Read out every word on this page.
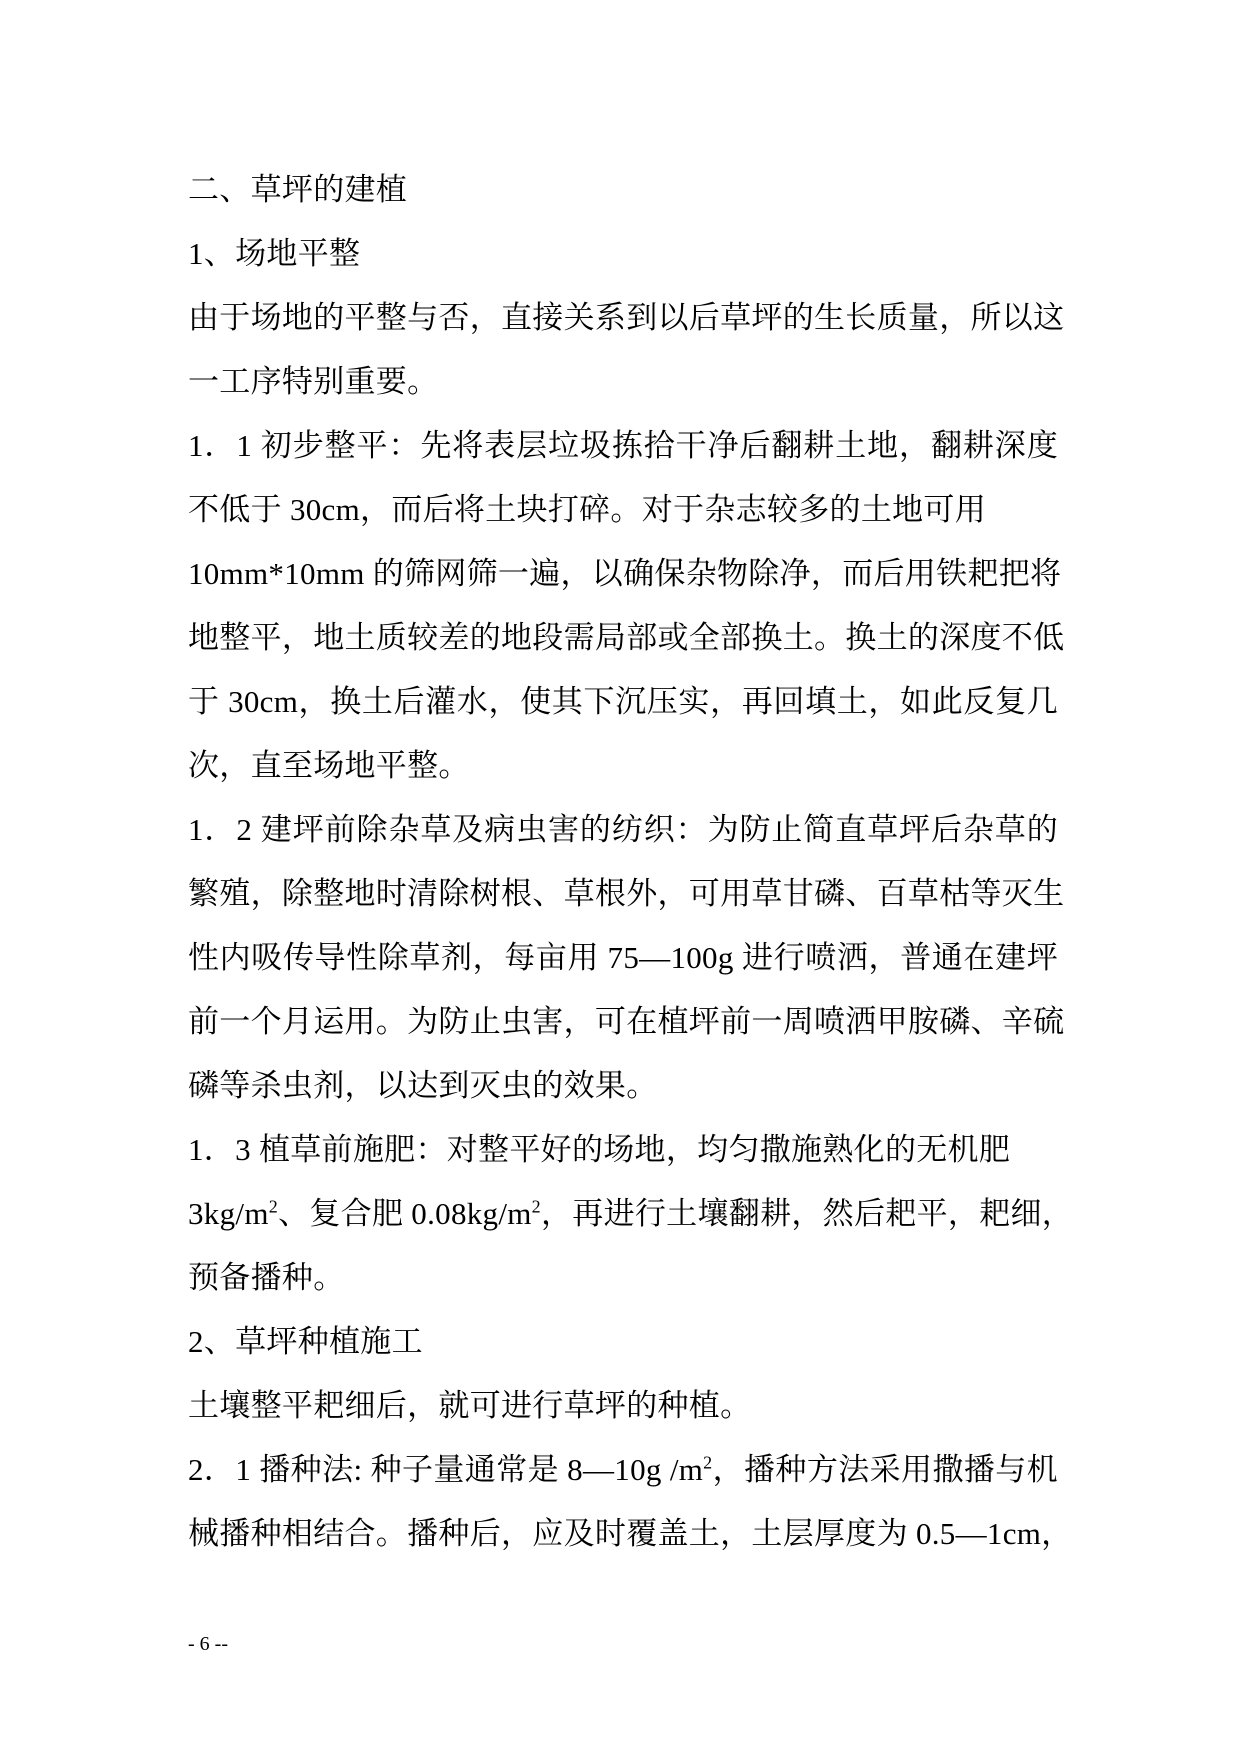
二、草坪的建植
1、场地平整
由于场地的平整与否，直接关系到以后草坪的生长质量，所以这
一工序特别重要。
1．1 初步整平：先将表层垃圾拣拾干净后翻耕土地，翻耕深度
不低于 30cm，而后将土块打碎。对于杂志较多的土地可用
10mm*10mm 的筛网筛一遍，以确保杂物除净，而后用铁耙把将
地整平，地土质较差的地段需局部或全部换土。换土的深度不低
于 30cm，换土后灌水，使其下沉压实，再回填土，如此反复几
次，直至场地平整。
1．2 建坪前除杂草及病虫害的纺织：为防止简直草坪后杂草的
繁殖，除整地时清除树根、草根外，可用草甘磷、百草枯等灭生
性内吸传导性除草剂，每亩用 75—100g 进行喷洒，普通在建坪
前一个月运用。为防止虫害，可在植坪前一周喷洒甲胺磷、辛硫
磷等杀虫剂，以达到灭虫的效果。
1．3 植草前施肥：对整平好的场地，均匀撒施熟化的无机肥
$3kg/m^2$、复合肥 $0.08kg/m^2$，再进行土壤翻耕，然后耙平，耙细，
预备播种。
2、草坪种植施工
土壤整平耙细后，就可进行草坪的种植。
2．1 播种法: 种子量通常是 8—10g $/m^2$，播种方法采用撒播与机
械播种相结合。播种后，应及时覆盖土，土层厚度为 0.5—1cm，
- 6 --
